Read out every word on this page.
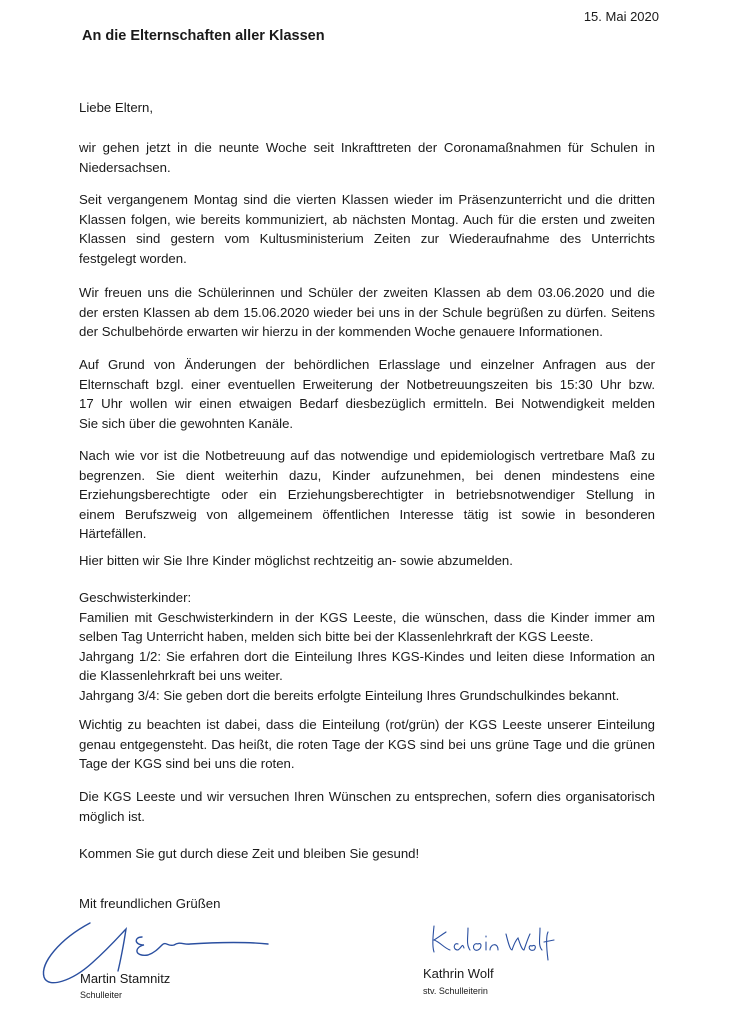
15. Mai 2020
An die Elternschaften aller Klassen
Liebe Eltern,
wir gehen jetzt in die neunte Woche seit Inkrafttreten der Coronamaßnahmen für Schulen in
Niedersachsen.
Seit vergangenem Montag sind die vierten Klassen wieder im Präsenzunterricht und die dritten
Klassen folgen, wie bereits kommuniziert, ab nächsten Montag. Auch für die ersten und zweiten
Klassen sind gestern vom Kultusministerium Zeiten zur Wiederaufnahme des Unterrichts
festgelegt worden.
Wir freuen uns die Schülerinnen und Schüler der zweiten Klassen ab dem 03.06.2020 und die
der ersten Klassen ab dem 15.06.2020 wieder bei uns in der Schule begrüßen zu dürfen. Seitens
der Schulbehörde erwarten wir hierzu in der kommenden Woche genauere Informationen.
Auf Grund von Änderungen der behördlichen Erlasslage und einzelner Anfragen aus der
Elternschaft bzgl. einer eventuellen Erweiterung der Notbetreuungszeiten bis 15:30 Uhr bzw.
17 Uhr wollen wir einen etwaigen Bedarf diesbezüglich ermitteln. Bei Notwendigkeit melden
Sie sich über die gewohnten Kanäle.
Nach wie vor ist die Notbetreuung auf das notwendige und epidemiologisch vertretbare Maß zu
begrenzen. Sie dient weiterhin dazu, Kinder aufzunehmen, bei denen mindestens eine
Erziehungsberechtigte oder ein Erziehungsberechtigter in betriebsnotwendiger Stellung in
einem Berufszweig von allgemeinem öffentlichen Interesse tätig ist sowie in besonderen
Härtefällen.
Hier bitten wir Sie Ihre Kinder möglichst rechtzeitig an- sowie abzumelden.
Geschwisterkinder:
Familien mit Geschwisterkindern in der KGS Leeste, die wünschen, dass die Kinder immer am
selben Tag Unterricht haben, melden sich bitte bei der Klassenlehrkraft der KGS Leeste.
Jahrgang 1/2: Sie erfahren dort die Einteilung Ihres KGS-Kindes und leiten diese Information an
die Klassenlehrkraft bei uns weiter.
Jahrgang 3/4: Sie geben dort die bereits erfolgte Einteilung Ihres Grundschulkindes bekannt.
Wichtig zu beachten ist dabei, dass die Einteilung (rot/grün) der KGS Leeste unserer Einteilung
genau entgegensteht. Das heißt, die roten Tage der KGS sind bei uns grüne Tage und die grünen
Tage der KGS sind bei uns die roten.
Die KGS Leeste und wir versuchen Ihren Wünschen zu entsprechen, sofern dies organisatorisch
möglich ist.
Kommen Sie gut durch diese Zeit und bleiben Sie gesund!
Mit freundlichen Grüßen
Martin Stamnitz
Schulleiter
Kathrin Wolf
stv. Schulleiterin
